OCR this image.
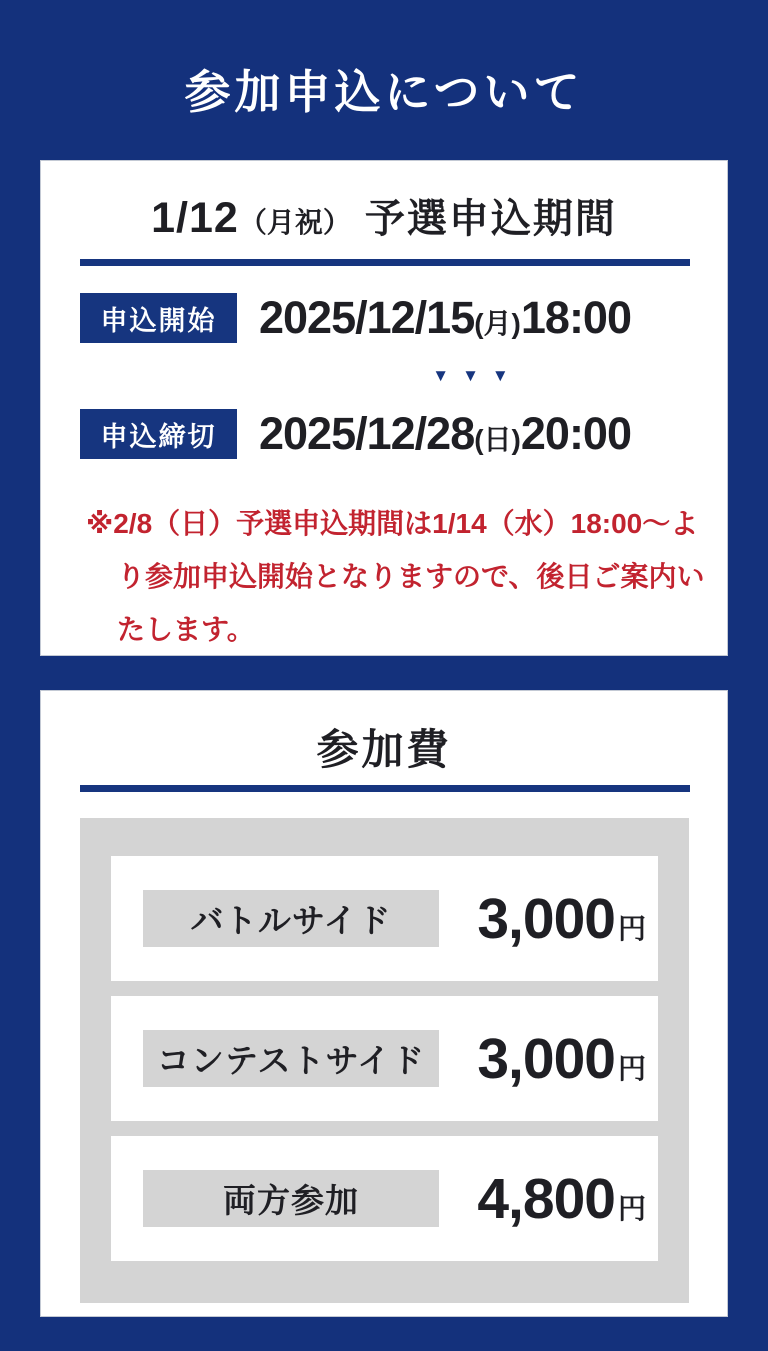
参加申込について
1/12（月祝） 予選申込期間
申込開始 2025/12/15(月)18:00
▼▼▼
申込締切 2025/12/28(日)20:00

※2/8（日）予選申込期間は1/14（水）18:00～より参加申込開始となりますので、後日ご案内いたします。

参加費
バトルサイド	3,000 円
コンテストサイド 3,000 円
両方参加	4,800 円
